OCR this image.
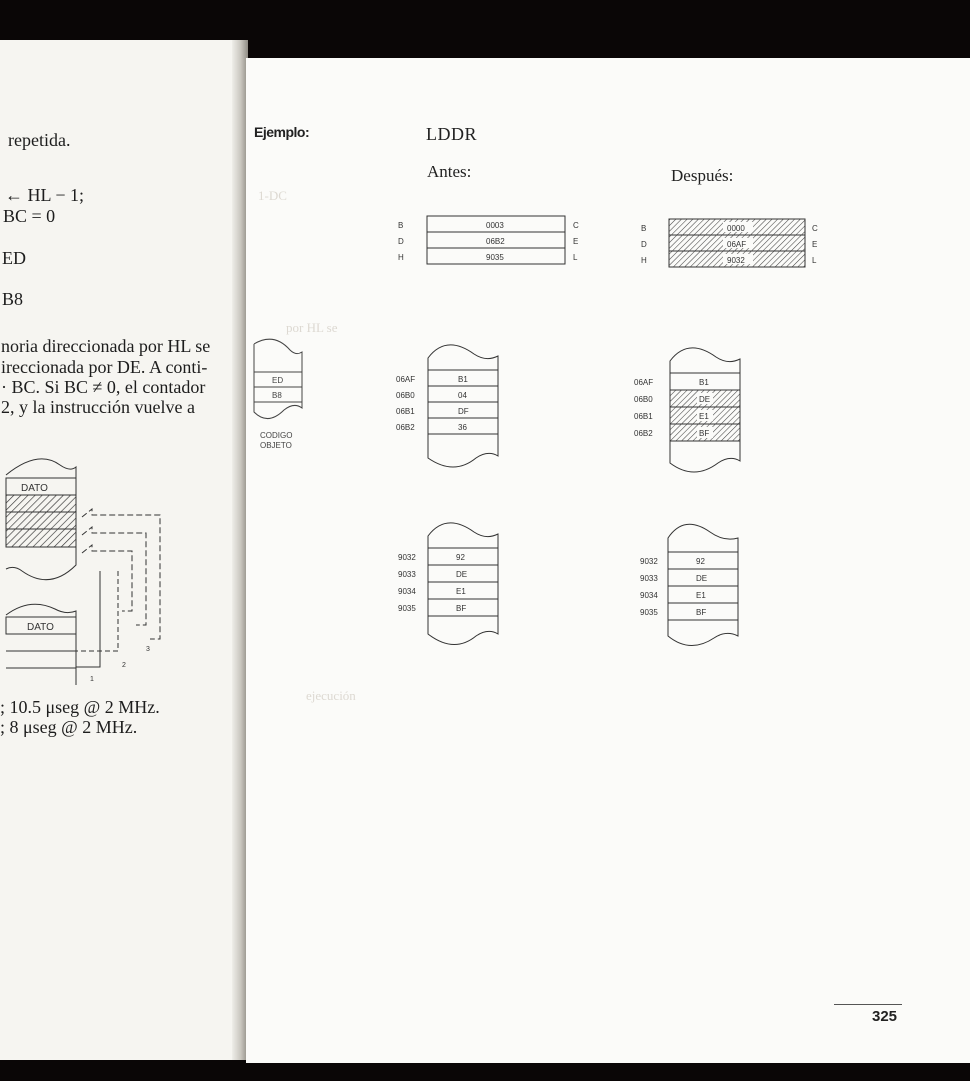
repetida.
← HL − 1;
BC = 0
ED
B8
noria direccionada por HL se
ireccionada por DE. A conti-
· BC. Si BC ≠ 0, el contador
2, y la instrucción vuelve a
DATO
DATO
1
2
3
; 10.5 μseg @ 2 MHz.
; 8 μseg @ 2 MHz.
1-DC
por HL se
ejecución
Ejemplo:	LDDR
Antes:	Después:
ED
B8
CODIGO
OBJETO
B
D
H
0003
06B2
9035
C
E
L
B
D
H
0000
06AF
9032
C
E
L
06AF
06B0
06B1
06B2
B1
04
DF
36
06AF
06B0
06B1
06B2
B1
DE
E1
BF
9032
9033
9034
9035
92
DE
E1
BF
9032
9033
9034
9035
92
DE
E1
BF
325
